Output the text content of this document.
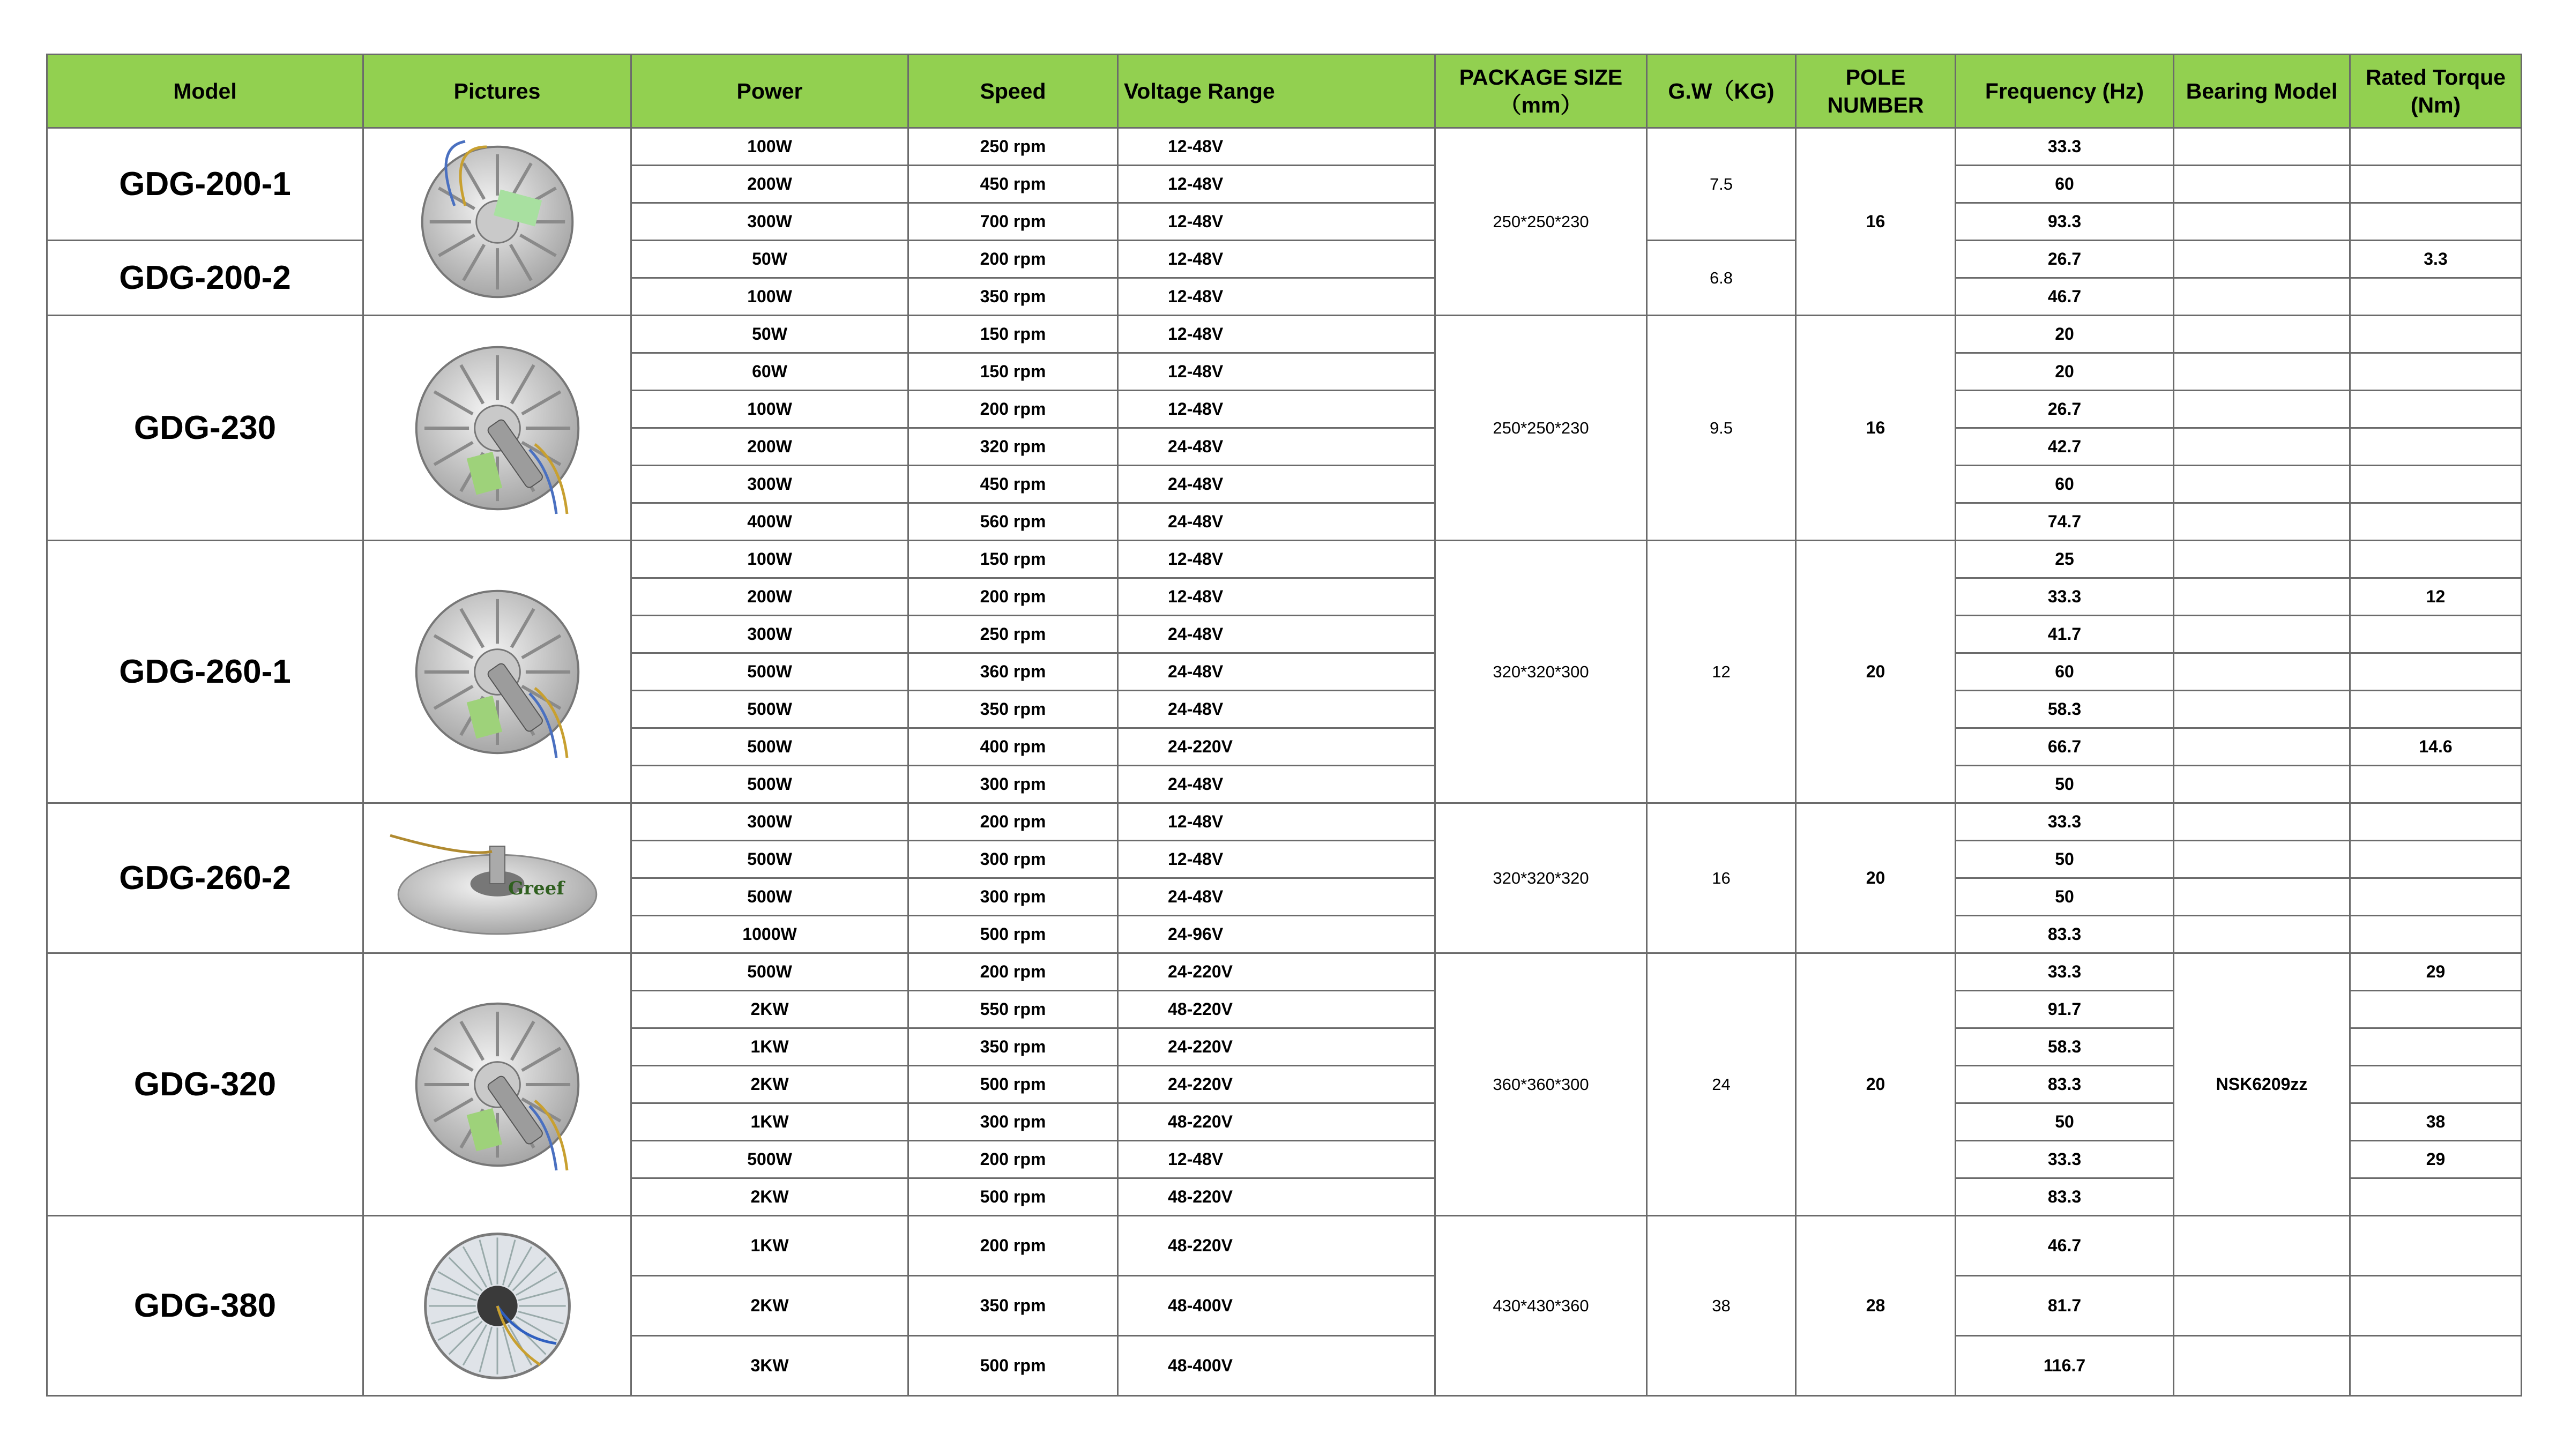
Model	Pictures	Power	Speed	Voltage Range	PACKAGE SIZE
（mm）	G.W（KG)	POLE
NUMBER	Frequency (Hz)	Bearing Model	Rated Torque
(Nm)
GDG-200-1		100W	250 rpm	12-48V	250*250*230	7.5	16	33.3		
		200W	450 rpm	12-48V				60		
		300W	700 rpm	12-48V				93.3		
GDG-200-2		50W	200 rpm	12-48V		6.8		26.7		3.3
		100W	350 rpm	12-48V				46.7		
GDG-230		50W	150 rpm	12-48V	250*250*230	9.5	16	20		
		60W	150 rpm	12-48V				20		
		100W	200 rpm	12-48V				26.7		
		200W	320 rpm	24-48V				42.7		
		300W	450 rpm	24-48V				60		
		400W	560 rpm	24-48V				74.7		
GDG-260-1		100W	150 rpm	12-48V	320*320*300	12	20	25		
		200W	200 rpm	12-48V				33.3		12
		300W	250 rpm	24-48V				41.7		
		500W	360 rpm	24-48V				60		
		500W	350 rpm	24-48V				58.3		
		500W	400 rpm	24-220V				66.7		14.6
		500W	300 rpm	24-48V				50		
GDG-260-2	Greef	300W	200 rpm	12-48V	320*320*320	16	20	33.3		
		500W	300 rpm	12-48V				50		
		500W	300 rpm	24-48V				50		
		1000W	500 rpm	24-96V				83.3		
GDG-320		500W	200 rpm	24-220V	360*360*300	24	20	33.3	NSK6209zz	29
		2KW	550 rpm	48-220V				91.7		
		1KW	350 rpm	24-220V				58.3		
		2KW	500 rpm	24-220V				83.3		
		1KW	300 rpm	48-220V				50		38
		500W	200 rpm	12-48V				33.3		29
		2KW	500 rpm	48-220V				83.3		
GDG-380		1KW	200 rpm	48-220V	430*430*360	38	28	46.7		
		2KW	350 rpm	48-400V				81.7		
		3KW	500 rpm	48-400V				116.7		
